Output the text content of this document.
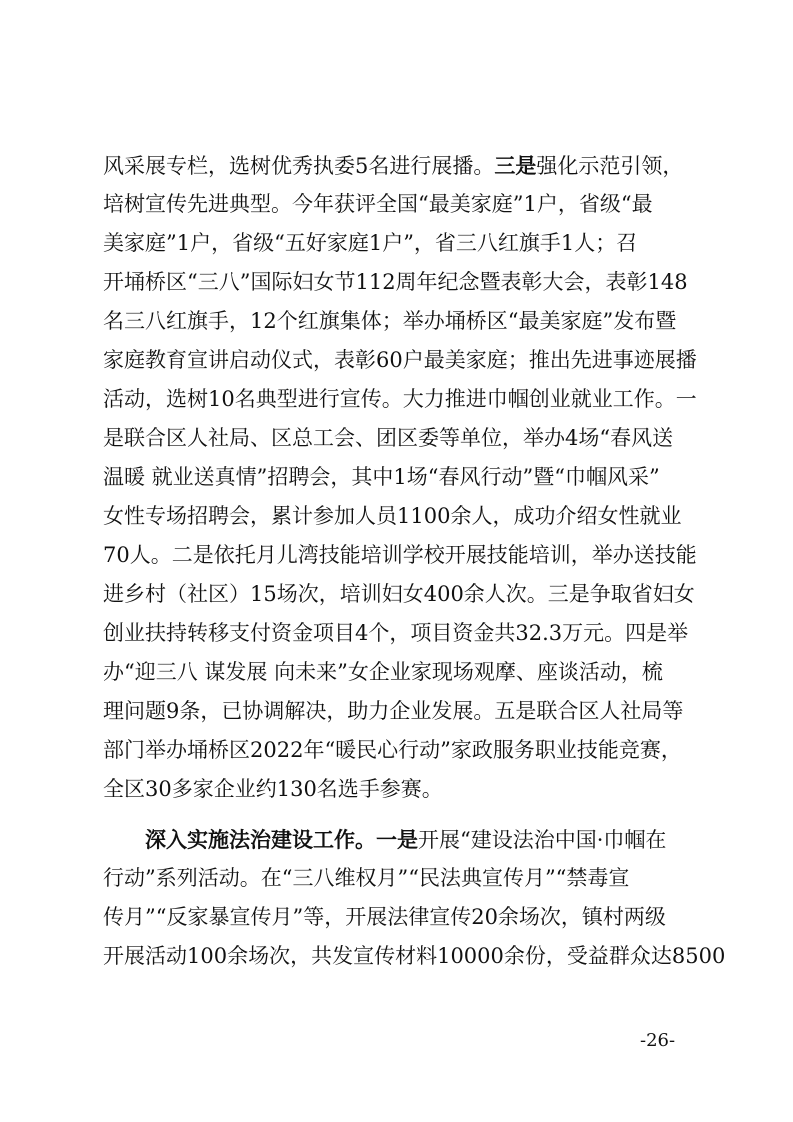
风采展专栏，选树优秀执委5名进行展播。三是强化示范引领，
培树宣传先进典型。今年获评全国“最美家庭”1户，省级“最
美家庭”1户，省级“五好家庭1户”，省三八红旗手1人；召
开埇桥区“三八”国际妇女节112周年纪念暨表彰大会，表彰148
名三八红旗手，12个红旗集体；举办埇桥区“最美家庭”发布暨
家庭教育宣讲启动仪式，表彰60户最美家庭；推出先进事迹展播
活动，选树10名典型进行宣传。大力推进巾帼创业就业工作。一
是联合区人社局、区总工会、团区委等单位，举办4场“春风送
温暖 就业送真情”招聘会，其中1场“春风行动”暨“巾帼风采”
女性专场招聘会，累计参加人员1100余人，成功介绍女性就业
70人。二是依托月儿湾技能培训学校开展技能培训，举办送技能
进乡村（社区）15场次，培训妇女400余人次。三是争取省妇女
创业扶持转移支付资金项目4个，项目资金共32.3万元。四是举
办“迎三八 谋发展 向未来”女企业家现场观摩、座谈活动，梳
理问题9条，已协调解决，助力企业发展。五是联合区人社局等
部门举办埇桥区2022年“暖民心行动”家政服务职业技能竞赛，
全区30多家企业约130名选手参赛。
深入实施法治建设工作。一是开展“建设法治中国·巾帼在
行动”系列活动。在“三八维权月”“民法典宣传月”“禁毒宣
传月”“反家暴宣传月”等，开展法律宣传20余场次，镇村两级
开展活动100余场次，共发宣传材料10000余份，受益群众达8500
-26-
